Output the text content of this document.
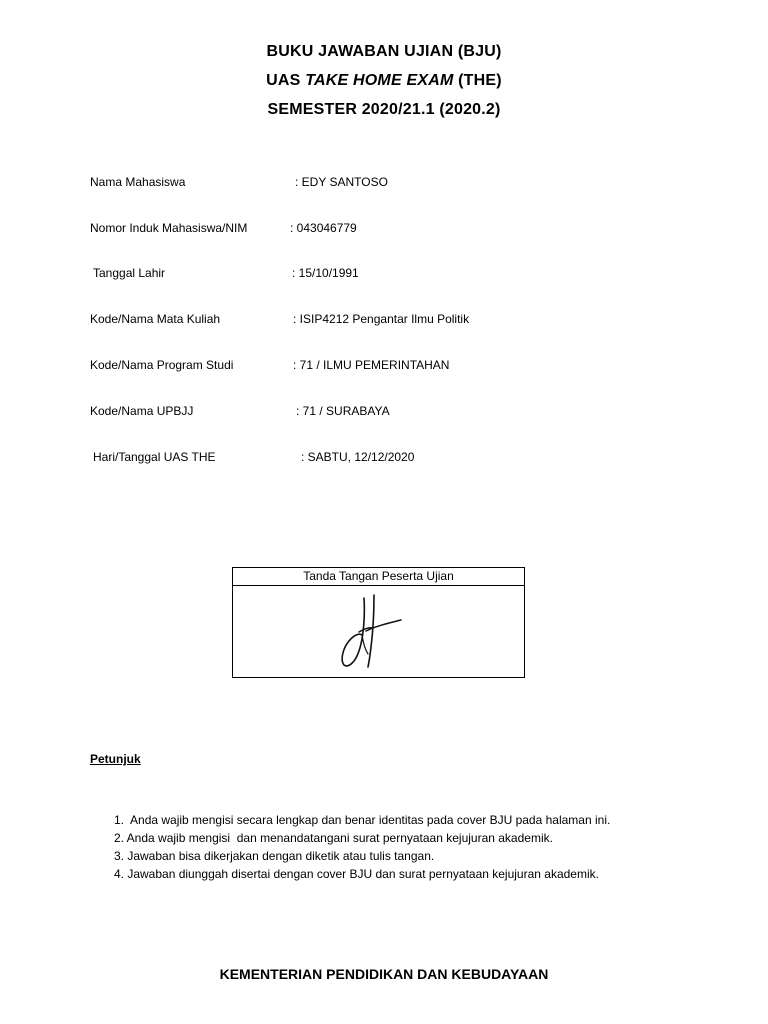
BUKU JAWABAN UJIAN (BJU)
UAS TAKE HOME EXAM (THE)
SEMESTER 2020/21.1 (2020.2)
Nama Mahasiswa	: EDY SANTOSO
Nomor Induk Mahasiswa/NIM	: 043046779
Tanggal Lahir	: 15/10/1991
Kode/Nama Mata Kuliah	: ISIP4212 Pengantar Ilmu Politik
Kode/Nama Program Studi	: 71 / ILMU PEMERINTAHAN
Kode/Nama UPBJJ	: 71 / SURABAYA
Hari/Tanggal UAS THE	: SABTU, 12/12/2020
Tanda Tangan Peserta Ujian
Petunjuk
1.  Anda wajib mengisi secara lengkap dan benar identitas pada cover BJU pada halaman ini.
2. Anda wajib mengisi  dan menandatangani surat pernyataan kejujuran akademik.
3. Jawaban bisa dikerjakan dengan diketik atau tulis tangan.
4. Jawaban diunggah disertai dengan cover BJU dan surat pernyataan kejujuran akademik.
KEMENTERIAN PENDIDIKAN DAN KEBUDAYAAN
